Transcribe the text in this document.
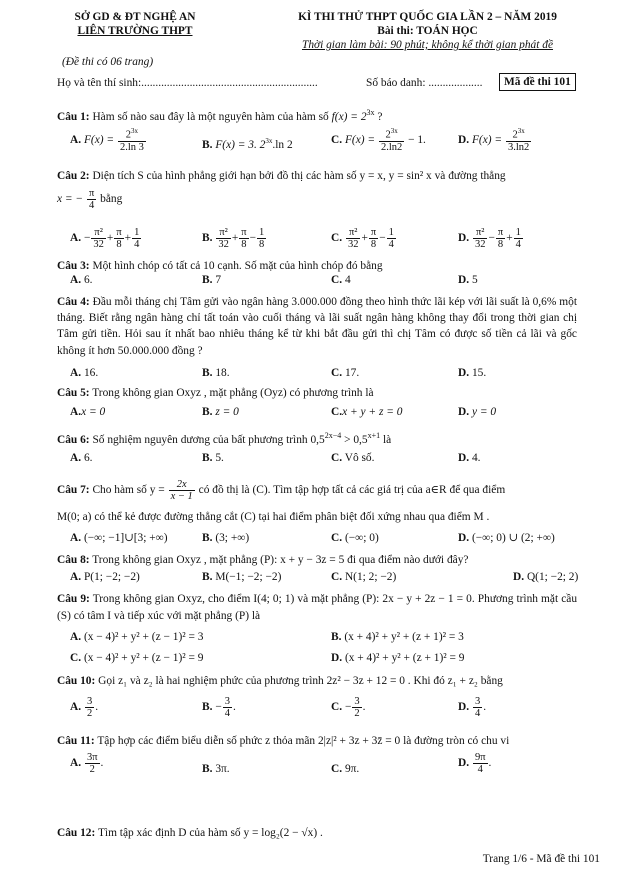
SỞ GD & ĐT NGHỆ AN
LIÊN TRƯỜNG THPT
(Đề thi có 06 trang)
KÌ THI THỬ THPT QUỐC GIA LẦN 2 – NĂM 2019
Bài thi: TOÁN HỌC
Thời gian làm bài: 90 phút; không kể thời gian phát đề
Họ và tên thí sinh:..............................................................	Số báo danh: ...................	Mã đề thi 101
Câu 1: Hàm số nào sau đây là một nguyên hàm của hàm số $f(x) = 2^{3x}$ ?
A. $F(x) = \frac{2^{3x}}{2.\ln 3}$	B. F(x) = 3. $2^{3x}.\ln$ 2	C. $F(x) = \frac{2^{3x}}{2.\ln 2} - 1$.	D. $F(x) = \frac{2^{3x}}{3.\ln 2}$
Câu 2: Diện tích S của hình phẳng giới hạn bởi đồ thị các hàm số y = x, y = sin² x và đường thẳng
x = − $\frac{\pi}{4}$ bằng
A. − $\frac{\text{π²}}{32} + \frac{\pi}{8} + \frac{1}{4}$	B. $\frac{\text{π²}}{32} + \frac{\pi}{8} - \frac{1}{8}$	C. $\frac{\text{π²}}{32} + \frac{\pi}{8} - \frac{1}{4}$	D. $\frac{\text{π²}}{32} - \frac{\pi}{8} + \frac{1}{4}$
Câu 3: Một hình chóp có tất cả 10 cạnh. Số mặt của hình chóp đó bằng
A. 6.	B. 7	C. 4	D. 5
Câu 4: Đầu mỗi tháng chị Tâm gửi vào ngân hàng 3.000.000 đồng theo hình thức lãi kép với lãi suất là 0,6% một tháng. Biết rằng ngân hàng chỉ tất toán vào cuối tháng và lãi suất ngân hàng không thay đổi trong thời gian chị Tâm gửi tiền. Hỏi sau ít nhất bao nhiêu tháng kể từ khi bắt đầu gửi thì chị Tâm có được số tiền cả lãi và gốc không ít hơn 50.000.000 đồng ?
A. 16.	B. 18.	C. 17.	D. 15.
Câu 5: Trong không gian Oxyz , mặt phẳng (Oyz) có phương trình là
A.x = 0	B. z = 0	C.x + y + z = 0	D. y = 0
Câu 6: Số nghiệm nguyên dương của bất phương trình $0,5^{2x-4} > 0,5^{x+1}$ là
A. 6.	B. 5.	C. Vô số.	D. 4.
Câu 7: Cho hàm số $y = \frac{2x}{x - 1}$ có đồ thị là (C). Tìm tập hợp tất cả các giá trị của a∈R để qua điểm
M(0; a) có thể kẻ được đường thẳng cắt (C) tại hai điểm phân biệt đối xứng nhau qua điểm M .
A. (−∞; −1]∪[3; +∞)	B. (3; +∞)	C. (−∞; 0)	D. (−∞; 0) ∪ (2; +∞)
Câu 8: Trong không gian Oxyz , mặt phẳng (P): x + y − 3z = 5 đi qua điểm nào dưới đây?
A. P(1; −2; −2)	B. M(−1; −2; −2)	C. N(1; 2; −2)	D. Q(1; −2; 2)
Câu 9: Trong không gian Oxyz, cho điểm I(4; 0; 1) và mặt phẳng (P): 2x − y + 2z − 1 = 0. Phương trình mặt cầu (S) có tâm I và tiếp xúc với mặt phẳng (P) là
A. (x − 4)² + y² + (z − 1)² = 3	B. (x + 4)² + y² + (z + 1)² = 3
C. (x − 4)² + y² + (z − 1)² = 9	D. (x + 4)² + y² + (z + 1)² = 9
Câu 10: Gọi z₁ và z₂ là hai nghiệm phức của phương trình 2z² − 3z + 12 = 0 . Khi đó z₁ + z₂ bằng
A. $\frac{3}{2}$ .	B. − $\frac{3}{4}$ .	C. − $\frac{3}{2}$ .	D. $\frac{3}{4}$ .
Câu 11: Tập hợp các điểm biểu diễn số phức z thỏa mãn 2|z|² + 3z + 3z̄ = 0 là đường tròn có chu vi
A. $\frac{3\pi}{2}$ .	B. 3π.	C. 9π.	D. $\frac{9\pi}{4}$ .
Câu 12: Tìm tập xác định D của hàm số y = log₂(2 − √x) .
Trang 1/6 - Mã đề thi 101
